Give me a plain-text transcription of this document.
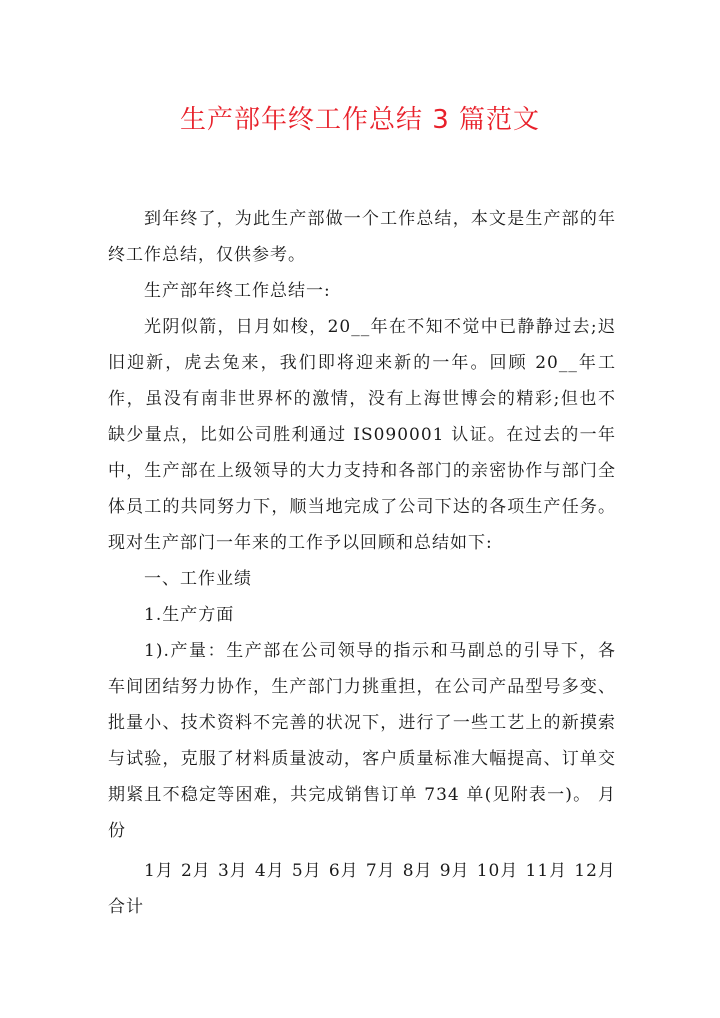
生产部年终工作总结 3 篇范文

到年终了，为此生产部做一个工作总结，本文是生产部的年终工作总结，仅供参考。

生产部年终工作总结一:

光阴似箭，日月如梭，20__年在不知不觉中已静静过去;迟旧迎新，虎去兔来，我们即将迎来新的一年。回顾 20__年工作，虽没有南非世界杯的激情，没有上海世博会的精彩;但也不缺少量点，比如公司胜利通过 IS090001 认证。在过去的一年中，生产部在上级领导的大力支持和各部门的亲密协作与部门全体员工的共同努力下，顺当地完成了公司下达的各项生产任务。现对生产部门一年来的工作予以回顾和总结如下:

一、工作业绩

1.生产方面

1).产量：生产部在公司领导的指示和马副总的引导下，各车间团结努力协作，生产部门力挑重担，在公司产品型号多变、批量小、技术资料不完善的状况下，进行了一些工艺上的新摸索与试验，克服了材料质量波动，客户质量标准大幅提高、订单交期紧且不稳定等困难，共完成销售订单 734 单(见附表一)。 月 份

1月 2月 3月 4月 5月 6月 7月 8月 9月 10月 11月 12月

合计
